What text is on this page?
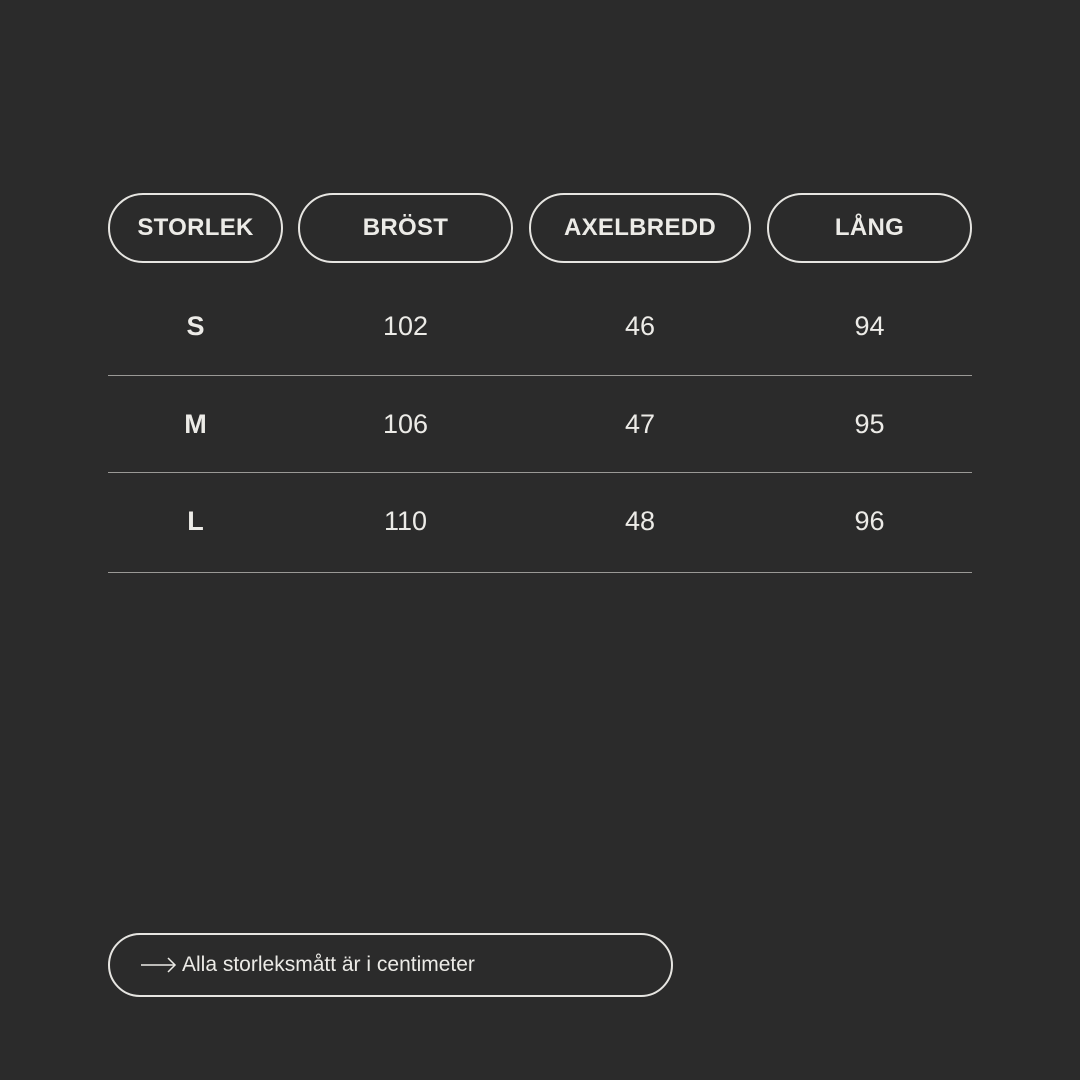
STORLEK	BRÖST	AXELBREDD	LÅNG
S	102	46	94
M	106	47	95
L	110	48	96
Alla storleksmått är i centimeter
